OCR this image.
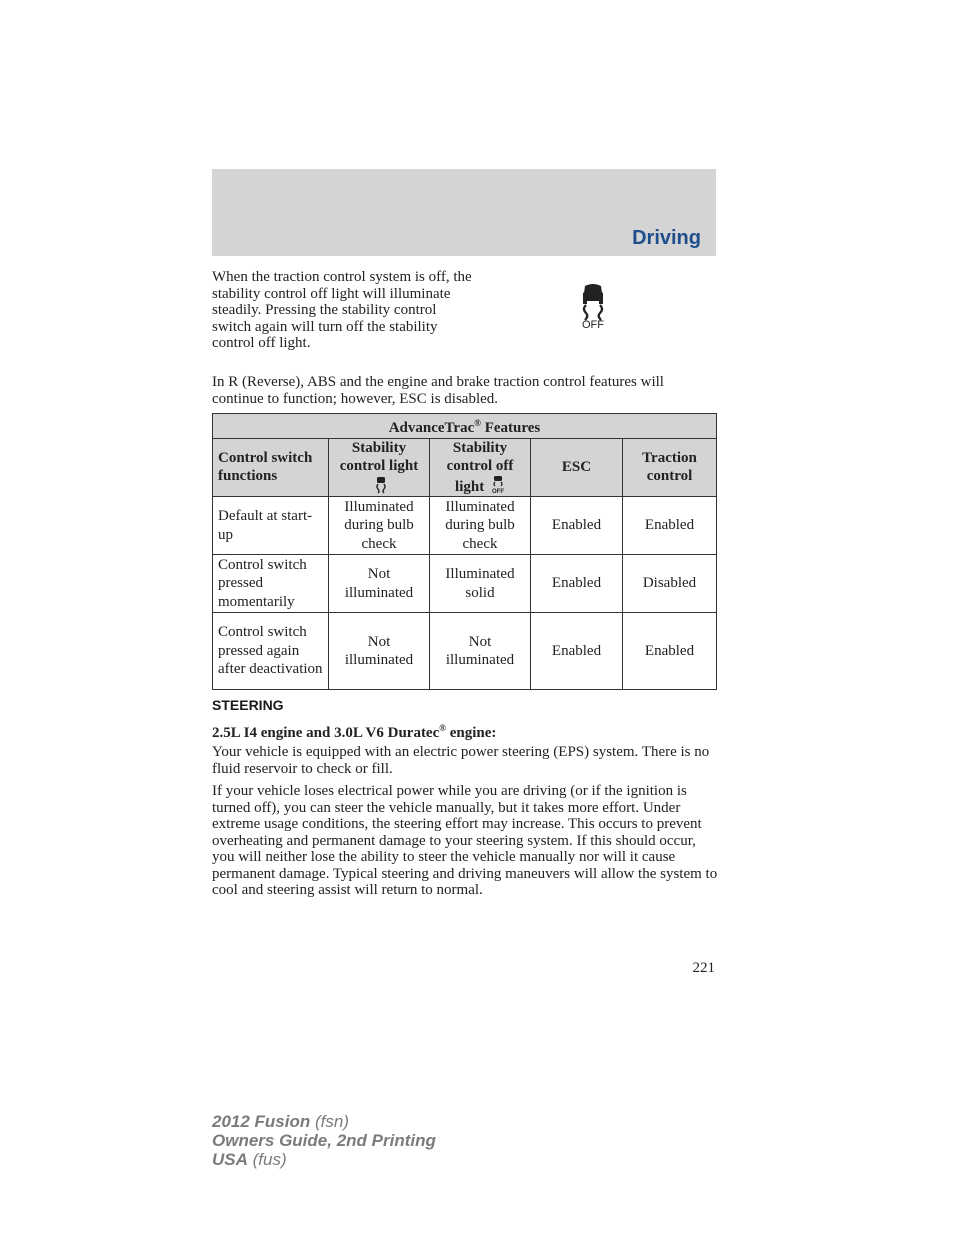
Driving
When the traction control system is off, the stability control off light will illuminate steadily. Pressing the stability control switch again will turn off the stability control off light.
OFF
In R (Reverse), ABS and the engine and brake traction control features will continue to function; however, ESC is disabled.
AdvanceTrac® Features				
Control switch functions	Stability control light	Stability control off light OFF	ESC	Traction control
Default at start-up	Illuminated during bulb check	Illuminated during bulb check	Enabled	Enabled
Control switch pressed momentarily	Not illuminated	Illuminated solid	Enabled	Disabled
Control switch pressed again after deactivation	Not illuminated	Not illuminated	Enabled	Enabled
STEERING
2.5L I4 engine and 3.0L V6 Duratec® engine:
Your vehicle is equipped with an electric power steering (EPS) system. There is no fluid reservoir to check or fill.
If your vehicle loses electrical power while you are driving (or if the ignition is turned off), you can steer the vehicle manually, but it takes more effort. Under extreme usage conditions, the steering effort may increase. This occurs to prevent overheating and permanent damage to your steering system. If this should occur, you will neither lose the ability to steer the vehicle manually nor will it cause permanent damage. Typical steering and driving maneuvers will allow the system to cool and steering assist will return to normal.
221
2012 Fusion (fsn)
Owners Guide, 2nd Printing
USA (fus)
